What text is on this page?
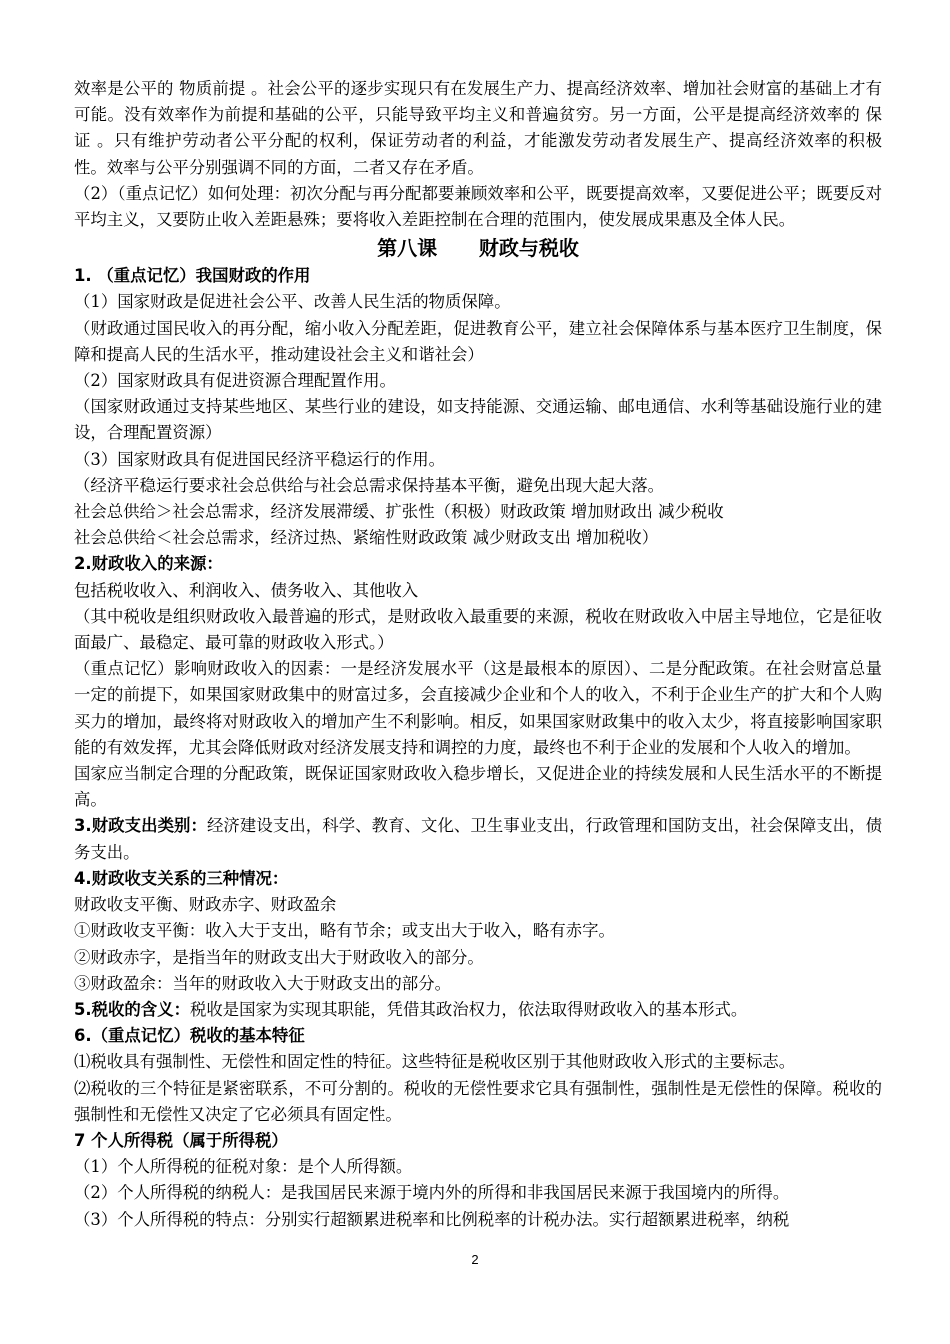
效率是公平的 物质前提 。社会公平的逐步实现只有在发展生产力、提高经济效率、增加社会财富的基础上才有可能。没有效率作为前提和基础的公平，只能导致平均主义和普遍贫穷。另一方面，公平是提高经济效率的 保证 。只有维护劳动者公平分配的权利，保证劳动者的利益，才能激发劳动者发展生产、提高经济效率的积极性。效率与公平分别强调不同的方面，二者又存在矛盾。

（2）（重点记忆）如何处理：初次分配与再分配都要兼顾效率和公平，既要提高效率，又要促进公平；既要反对平均主义，又要防止收入差距悬殊；要将收入差距控制在合理的范围内，使发展成果惠及全体人民。

第八课      财政与税收

1. （重点记忆）我国财政的作用

（1）国家财政是促进社会公平、改善人民生活的物质保障。

（财政通过国民收入的再分配，缩小收入分配差距，促进教育公平，建立社会保障体系与基本医疗卫生制度，保障和提高人民的生活水平，推动建设社会主义和谐社会）

（2）国家财政具有促进资源合理配置作用。

（国家财政通过支持某些地区、某些行业的建设，如支持能源、交通运输、邮电通信、水利等基础设施行业的建设，合理配置资源）

（3）国家财政具有促进国民经济平稳运行的作用。

（经济平稳运行要求社会总供给与社会总需求保持基本平衡，避免出现大起大落。

社会总供给＞社会总需求，经济发展滞缓、扩张性（积极）财政政策 增加财政出 减少税收

社会总供给＜社会总需求，经济过热、紧缩性财政政策 减少财政支出 增加税收）

2.财政收入的来源：

包括税收收入、利润收入、债务收入、其他收入

（其中税收是组织财政收入最普遍的形式，是财政收入最重要的来源，税收在财政收入中居主导地位，它是征收面最广、最稳定、最可靠的财政收入形式。）

（重点记忆）影响财政收入的因素：一是经济发展水平（这是最根本的原因）、二是分配政策。在社会财富总量一定的前提下，如果国家财政集中的财富过多，会直接减少企业和个人的收入，不利于企业生产的扩大和个人购买力的增加，最终将对财政收入的增加产生不利影响。相反，如果国家财政集中的收入太少，将直接影响国家职能的有效发挥，尤其会降低财政对经济发展支持和调控的力度，最终也不利于企业的发展和个人收入的增加。

国家应当制定合理的分配政策，既保证国家财政收入稳步增长，又促进企业的持续发展和人民生活水平的不断提高。

3.财政支出类别：经济建设支出，科学、教育、文化、卫生事业支出，行政管理和国防支出，社会保障支出，债务支出。

4.财政收支关系的三种情况：

财政收支平衡、财政赤字、财政盈余

①财政收支平衡：收入大于支出，略有节余；或支出大于收入，略有赤字。

②财政赤字，是指当年的财政支出大于财政收入的部分。

③财政盈余：当年的财政收入大于财政支出的部分。

5.税收的含义：税收是国家为实现其职能，凭借其政治权力，依法取得财政收入的基本形式。

6.（重点记忆）税收的基本特征

⑴税收具有强制性、无偿性和固定性的特征。这些特征是税收区别于其他财政收入形式的主要标志。

⑵税收的三个特征是紧密联系，不可分割的。税收的无偿性要求它具有强制性，强制性是无偿性的保障。税收的强制性和无偿性又决定了它必须具有固定性。

7 个人所得税（属于所得税）

（1）个人所得税的征税对象：是个人所得额。

（2）个人所得税的纳税人：是我国居民来源于境内外的所得和非我国居民来源于我国境内的所得。

（3）个人所得税的特点：分别实行超额累进税率和比例税率的计税办法。实行超额累进税率，纳税

2
